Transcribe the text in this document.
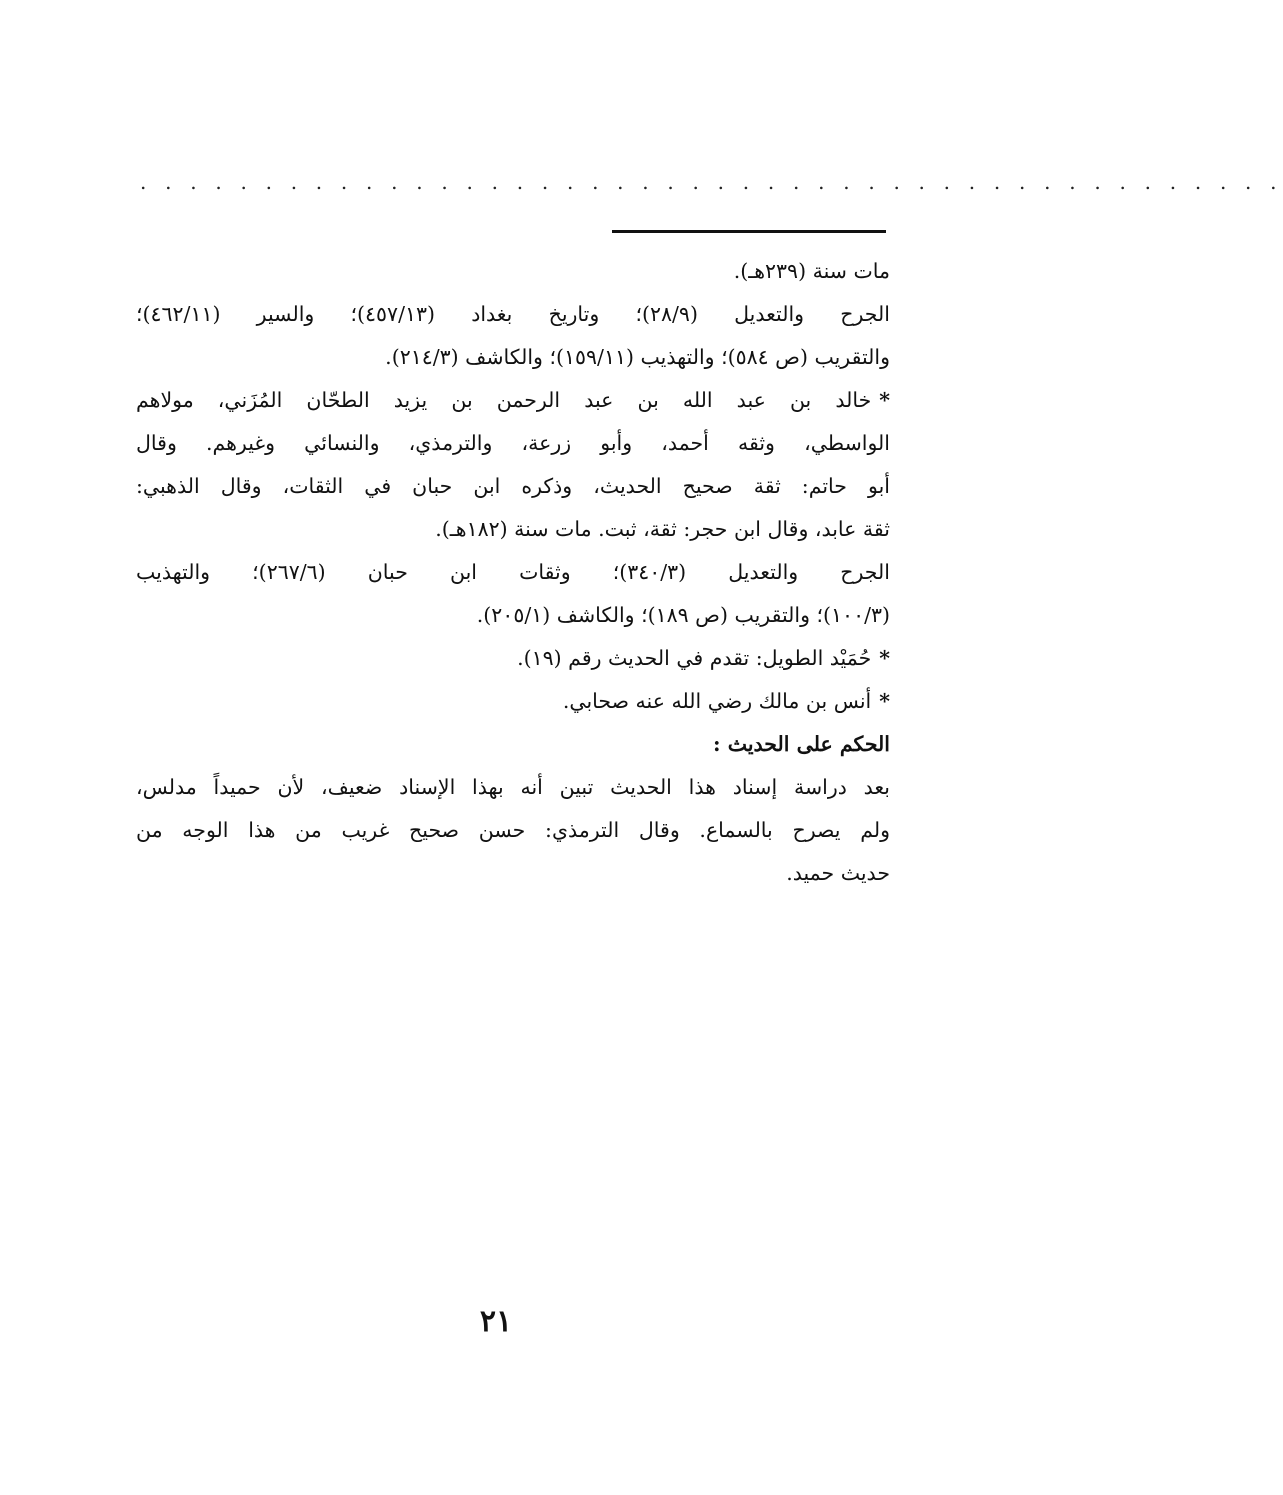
. . . . . . . . . . . . . . . . . . . . . . . . . . . . . . . . . . . . . . . . . . . . . .
مات سنة (٢٣٩هـ).
الجرح والتعديل (٢٨/٩)؛ وتاريخ بغداد (٤٥٧/١٣)؛ والسير (٤٦٢/١١)؛
والتقريب (ص ٥٨٤)؛ والتهذيب (١٥٩/١١)؛ والكاشف (٢١٤/٣).
*خالد بن عبد الله بن عبد الرحمن بن يزيد الطحّان المُزَني، مولاهم
الواسطي، وثقه أحمد، وأبو زرعة، والترمذي، والنسائي وغيرهم. وقال
أبو حاتم: ثقة صحيح الحديث، وذكره ابن حبان في الثقات، وقال الذهبي:
ثقة عابد، وقال ابن حجر: ثقة، ثبت. مات سنة (١٨٢هـ).
الجرح والتعديل (٣٤٠/٣)؛ وثقات ابن حبان (٢٦٧/٦)؛ والتهذيب
(١٠٠/٣)؛ والتقريب (ص ١٨٩)؛ والكاشف (٢٠٥/١).
*حُمَيْد الطويل: تقدم في الحديث رقم (١٩).
*أنس بن مالك رضي الله عنه صحابي.
الحكم على الحديث :
بعد دراسة إسناد هذا الحديث تبين أنه بهذا الإسناد ضعيف، لأن حميداً مدلس،
ولم يصرح بالسماع. وقال الترمذي: حسن صحيح غريب من هذا الوجه من
حديث حميد.
٢١
